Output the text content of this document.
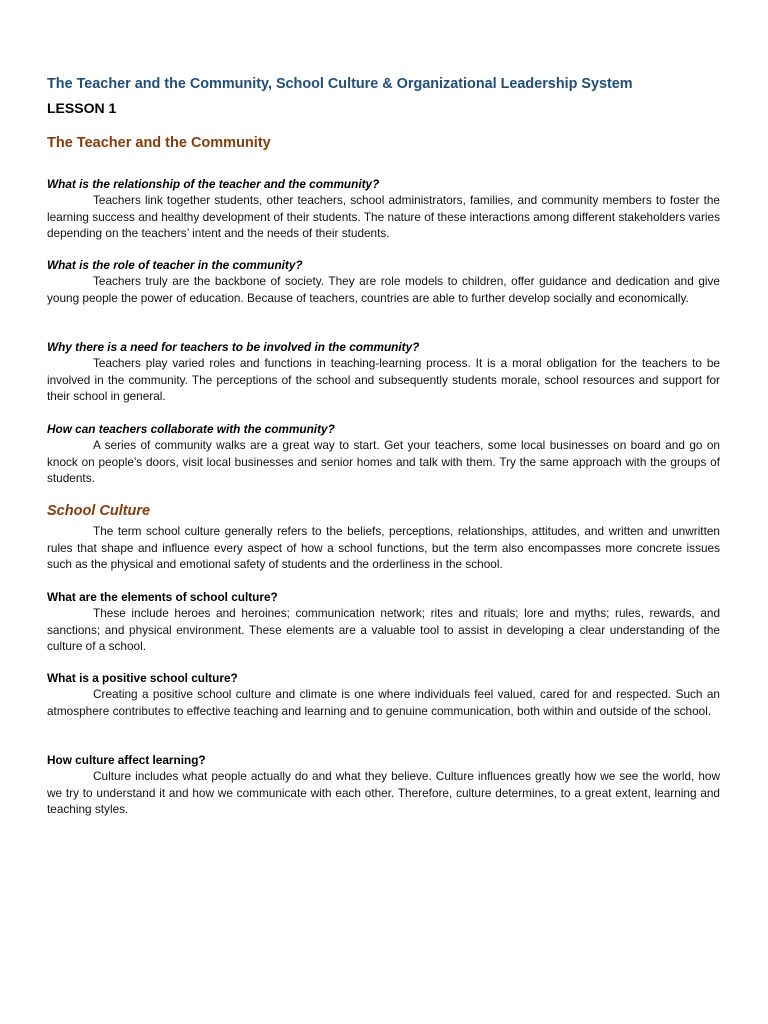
The Teacher and the Community, School Culture & Organizational Leadership System
LESSON 1
The Teacher and the Community
What is the relationship of the teacher and the community?

Teachers link together students, other teachers, school administrators, families, and community members to foster the learning success and healthy development of their students. The nature of these interactions among different stakeholders varies depending on the teachers’ intent and the needs of their students.

What is the role of teacher in the community?

Teachers truly are the backbone of society. They are role models to children, offer guidance and dedication and give young people the power of education. Because of teachers, countries are able to further develop socially and economically.

Why there is a need for teachers to be involved in the community?

Teachers play varied roles and functions in teaching-learning process. It is a moral obligation for the teachers to be involved in the community. The perceptions of the school and subsequently students morale, school resources and support for their school in general.

How can teachers collaborate with the community?

A series of community walks are a great way to start. Get your teachers, some local businesses on board and go on knock on people’s doors, visit local businesses and senior homes and talk with them. Try the same approach with the groups of students.

School Culture

The term school culture generally refers to the beliefs, perceptions, relationships, attitudes, and written and unwritten rules that shape and influence every aspect of how a school functions, but the term also encompasses more concrete issues such as the physical and emotional safety of students and the orderliness in the school.

What are the elements of school culture?

These include heroes and heroines; communication network; rites and rituals; lore and myths; rules, rewards, and sanctions; and physical environment. These elements are a valuable tool to assist in developing a clear understanding of the culture of a school.

What is a positive school culture?

Creating a positive school culture and climate is one where individuals feel valued, cared for and respected. Such an atmosphere contributes to effective teaching and learning and to genuine communication, both within and outside of the school.

How culture affect learning?

Culture includes what people actually do and what they believe. Culture influences greatly how we see the world, how we try to understand it and how we communicate with each other. Therefore, culture determines, to a great extent, learning and teaching styles.
